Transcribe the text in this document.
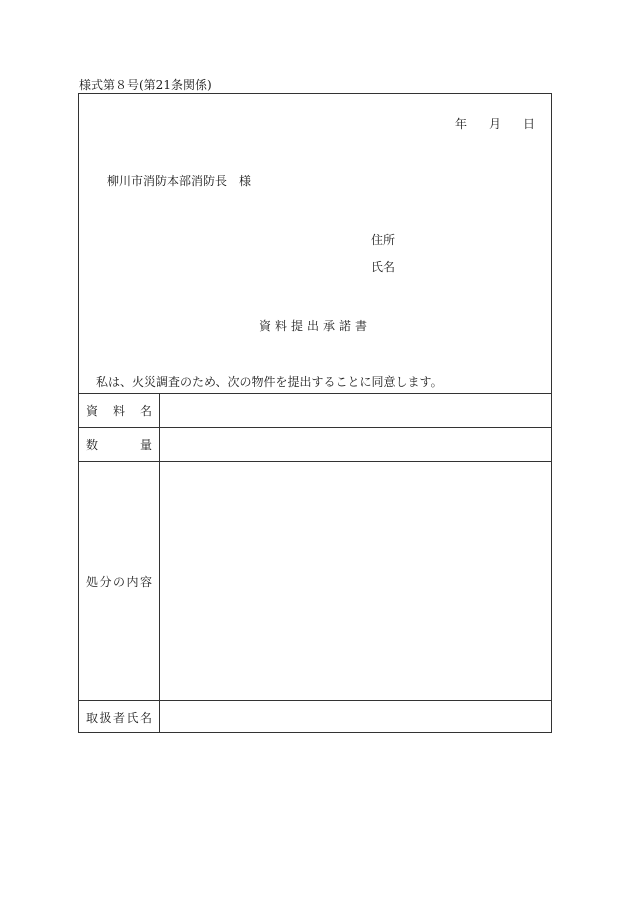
様式第８号(第21条関係)
年 月 日
柳川市消防本部消防長　様
住所
氏名
資料提出承諾書
私は、火災調査のため、次の物件を提出することに同意します。
資 料 名
数	量
処 分 の 内 容
取 扱 者 氏 名
